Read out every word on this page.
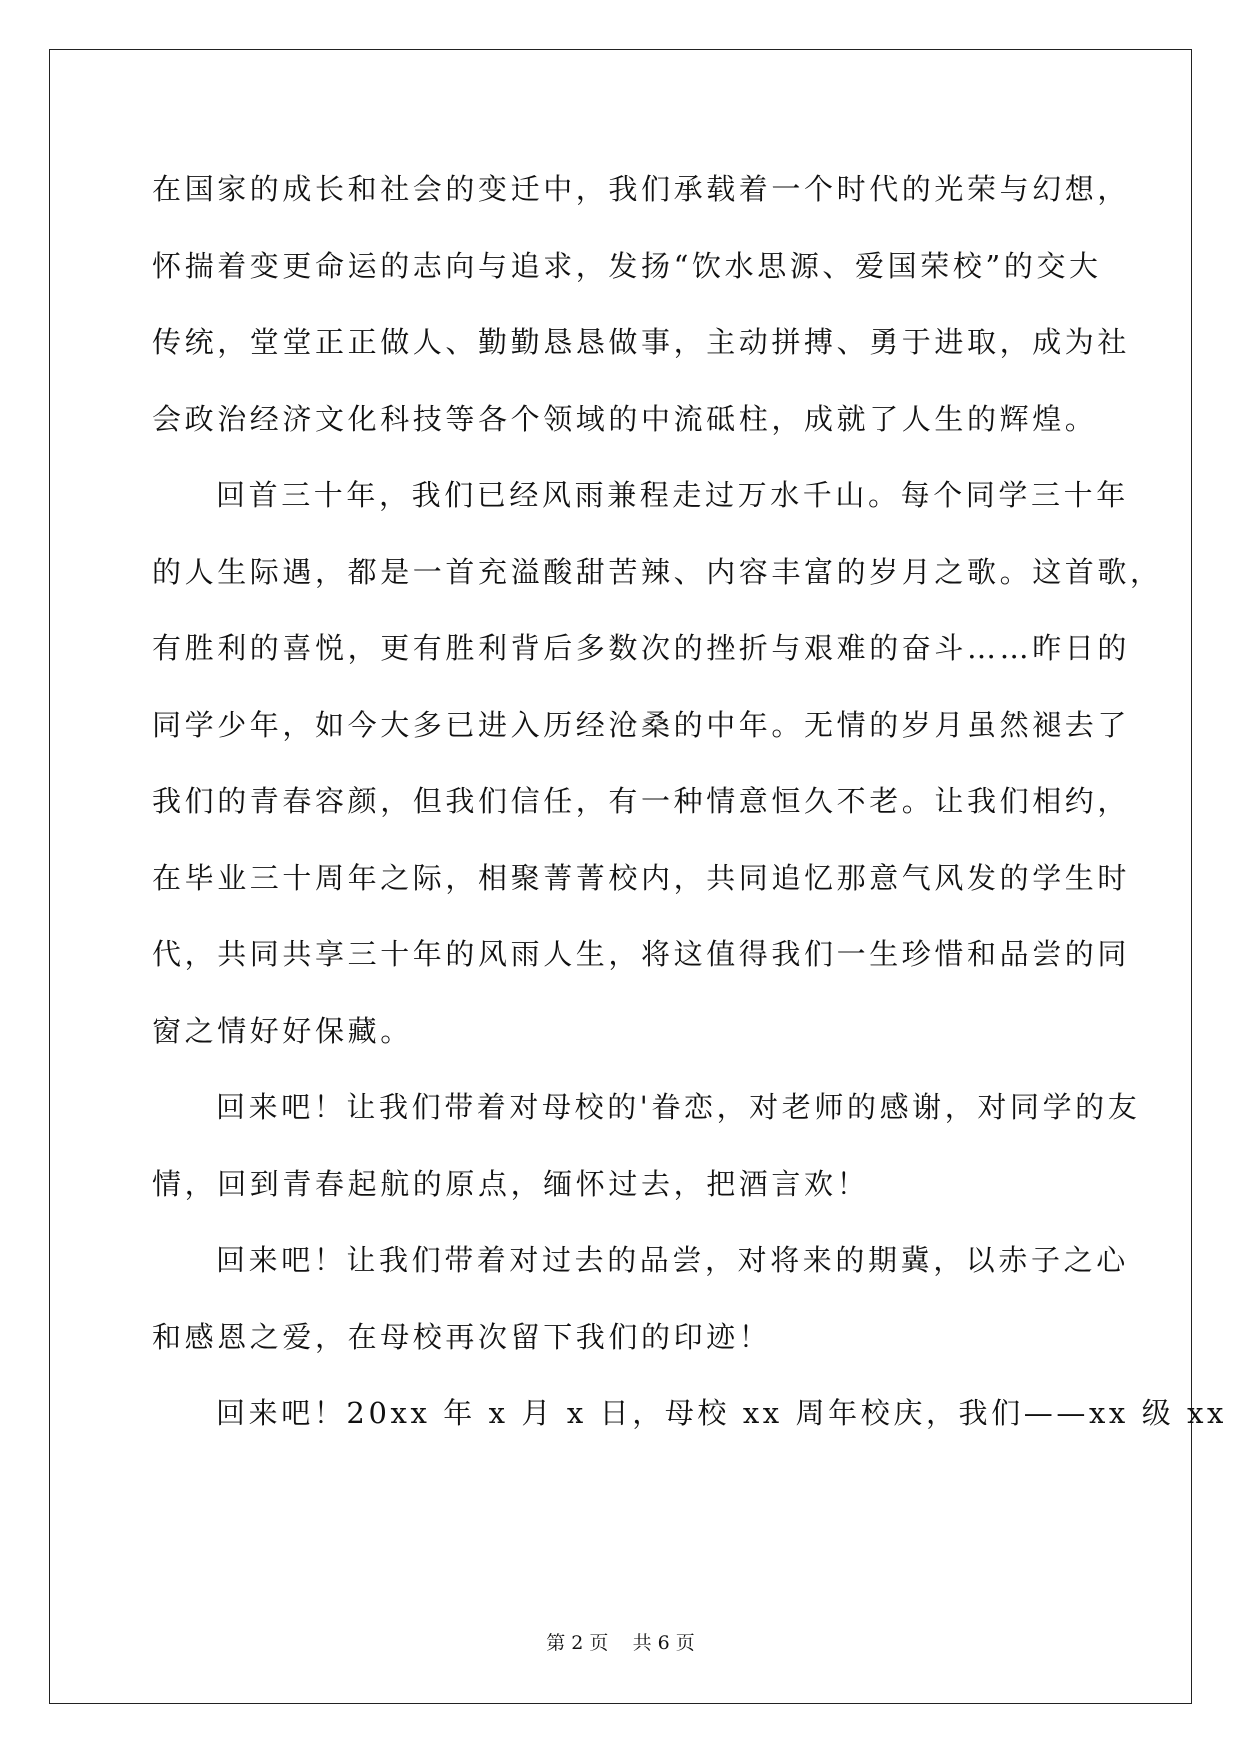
在国家的成长和社会的变迁中，我们承载着一个时代的光荣与幻想，
怀揣着变更命运的志向与追求，发扬“饮水思源、爱国荣校”的交大
传统，堂堂正正做人、勤勤恳恳做事，主动拼搏、勇于进取，成为社
会政治经济文化科技等各个领域的中流砥柱，成就了人生的辉煌。
回首三十年，我们已经风雨兼程走过万水千山。每个同学三十年
的人生际遇，都是一首充溢酸甜苦辣、内容丰富的岁月之歌。这首歌，
有胜利的喜悦，更有胜利背后多数次的挫折与艰难的奋斗……昨日的
同学少年，如今大多已进入历经沧桑的中年。无情的岁月虽然褪去了
我们的青春容颜，但我们信任，有一种情意恒久不老。让我们相约，
在毕业三十周年之际，相聚菁菁校内，共同追忆那意气风发的学生时
代，共同共享三十年的风雨人生，将这值得我们一生珍惜和品尝的同
窗之情好好保藏。
回来吧！让我们带着对母校的'眷恋，对老师的感谢，对同学的友
情，回到青春起航的原点，缅怀过去，把酒言欢！
回来吧！让我们带着对过去的品尝，对将来的期冀，以赤子之心
和感恩之爱，在母校再次留下我们的印迹！
回来吧！20xx 年 x 月 x 日，母校 xx 周年校庆，我们——xx 级 xx
第 2 页    共 6 页
